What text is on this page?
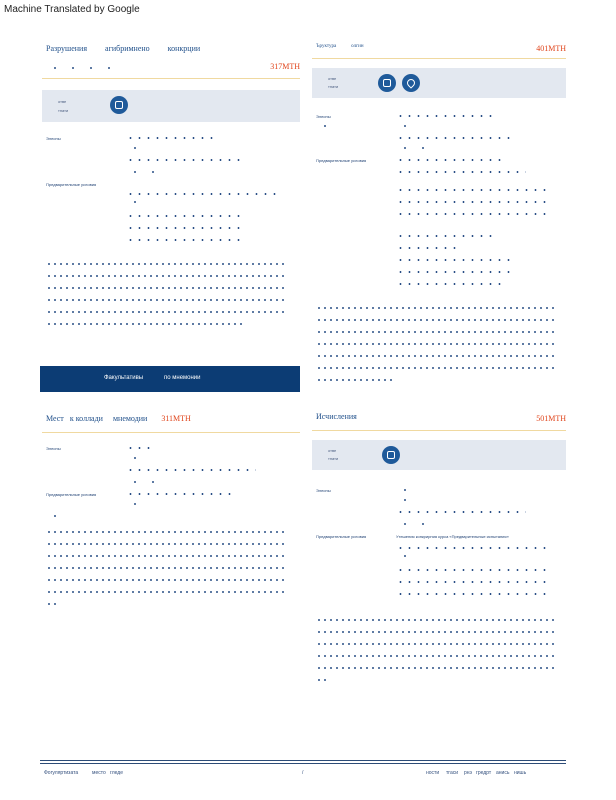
Machine Translated by Google
Разрушения агибримнено конкрции
317МТН
отве
тпати
Элеоны
Предварительные условия
Ъруктура	олгин	401МТН
отве
тпати
Элеоны
Предварительные условия
Факультативы	по мнемонии
Мест к коллади мнемодии 311МТН
Элеоны
Предварительные условия
Исчисления	501МТН
отве
тпати
Элеоны
Предварительные условия	Утешения конкрирния курса «Предварительные испытания»
Фогуляртизата	место гледе	/	ности тгаси рнэ гредрт анись нишь
